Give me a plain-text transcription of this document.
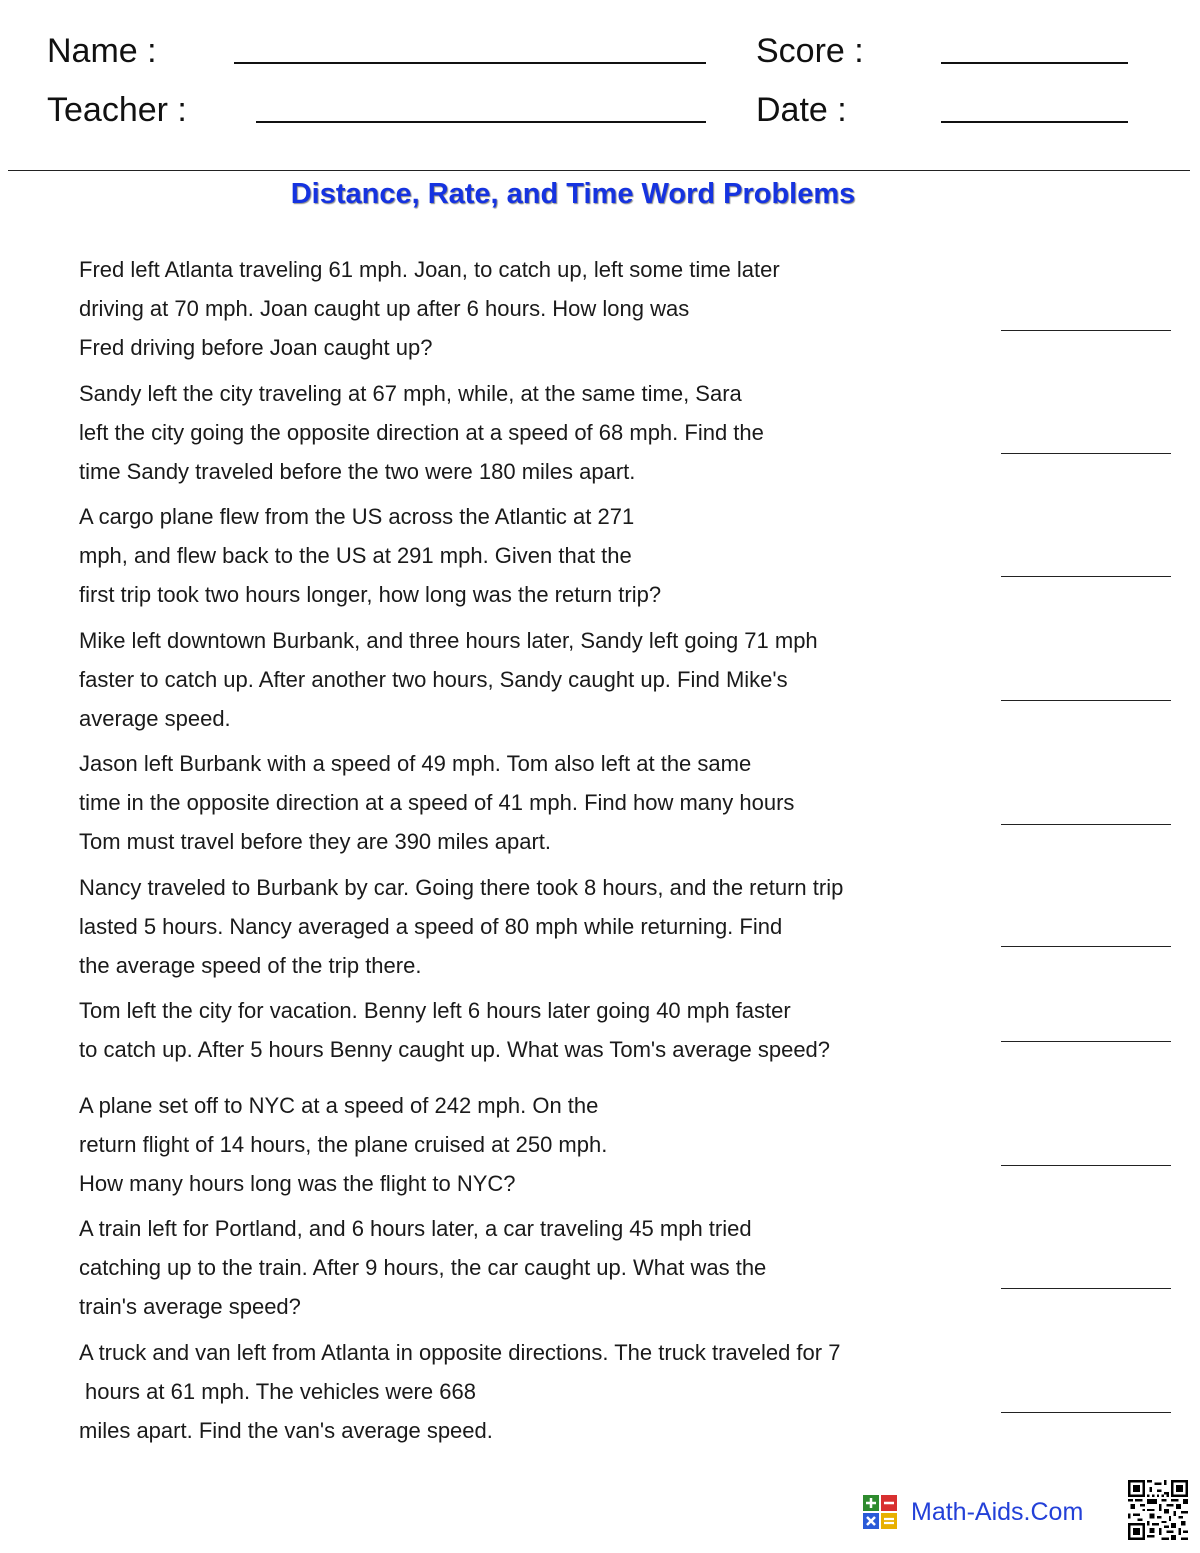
Name :
Teacher :
Score :
Date :
Distance, Rate, and Time Word Problems
Fred left Atlanta traveling 61 mph. Joan, to catch up, left some time later
driving at 70 mph. Joan caught up after 6 hours. How long was
Fred driving before Joan caught up?
Sandy left the city traveling at 67 mph, while, at the same time, Sara
left the city going the opposite direction at a speed of 68 mph. Find the
time Sandy traveled before the two were 180 miles apart.
A cargo plane flew from the US across the Atlantic at 271
mph, and flew back to the US at 291 mph. Given that the
first trip took two hours longer, how long was the return trip?
Mike left downtown Burbank, and three hours later, Sandy left going 71 mph
faster to catch up. After another two hours, Sandy caught up. Find Mike's
average speed.
Jason left Burbank with a speed of 49 mph. Tom also left at the same
time in the opposite direction at a speed of 41 mph. Find how many hours
Tom must travel before they are 390 miles apart.
Nancy traveled to Burbank by car. Going there took 8 hours, and the return trip
lasted 5 hours. Nancy averaged a speed of 80 mph while returning. Find
the average speed of the trip there.
Tom left the city for vacation. Benny left 6 hours later going 40 mph faster
to catch up. After 5 hours Benny caught up. What was Tom's average speed?
A plane set off to NYC at a speed of 242 mph. On the
return flight of 14 hours, the plane cruised at 250 mph.
How many hours long was the flight to NYC?
A train left for Portland, and 6 hours later, a car traveling 45 mph tried
catching up to the train. After 9 hours, the car caught up. What was the
train's average speed?
A truck and van left from Atlanta in opposite directions. The truck traveled for 7
hours at 61 mph. The vehicles were 668
miles apart. Find the van's average speed.
Math-Aids.Com
